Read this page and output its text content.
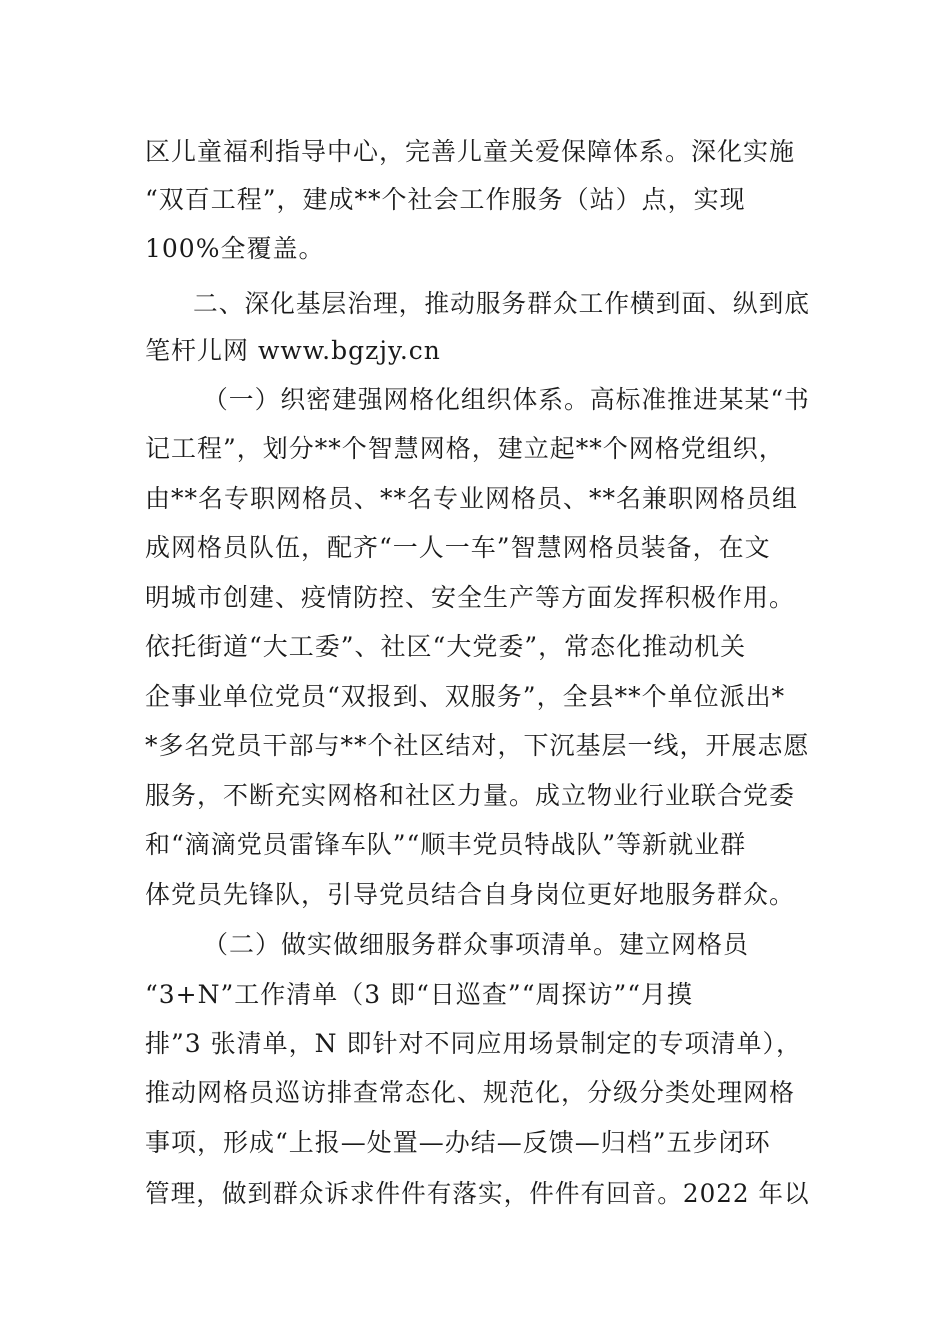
区儿童福利指导中心，完善儿童关爱保障体系。深化实施
“双百工程”，建成**个社会工作服务（站）点，实现
100%全覆盖。
二、深化基层治理，推动服务群众工作横到面、纵到底
笔杆儿网 www.bgzjy.cn
（一）织密建强网格化组织体系。高标准推进某某“书
记工程”，划分**个智慧网格，建立起**个网格党组织，
由**名专职网格员、**名专业网格员、**名兼职网格员组
成网格员队伍，配齐“一人一车”智慧网格员装备，在文
明城市创建、疫情防控、安全生产等方面发挥积极作用。
依托街道“大工委”、社区“大党委”，常态化推动机关
企事业单位党员“双报到、双服务”，全县**个单位派出*
*多名党员干部与**个社区结对，下沉基层一线，开展志愿
服务，不断充实网格和社区力量。成立物业行业联合党委
和“滴滴党员雷锋车队”“顺丰党员特战队”等新就业群
体党员先锋队，引导党员结合自身岗位更好地服务群众。
（二）做实做细服务群众事项清单。建立网格员
“3+N”工作清单（3 即“日巡查”“周探访”“月摸
排”3 张清单，N 即针对不同应用场景制定的专项清单），
推动网格员巡访排查常态化、规范化，分级分类处理网格
事项，形成“上报—处置—办结—反馈—归档”五步闭环
管理，做到群众诉求件件有落实，件件有回音。2022 年以
